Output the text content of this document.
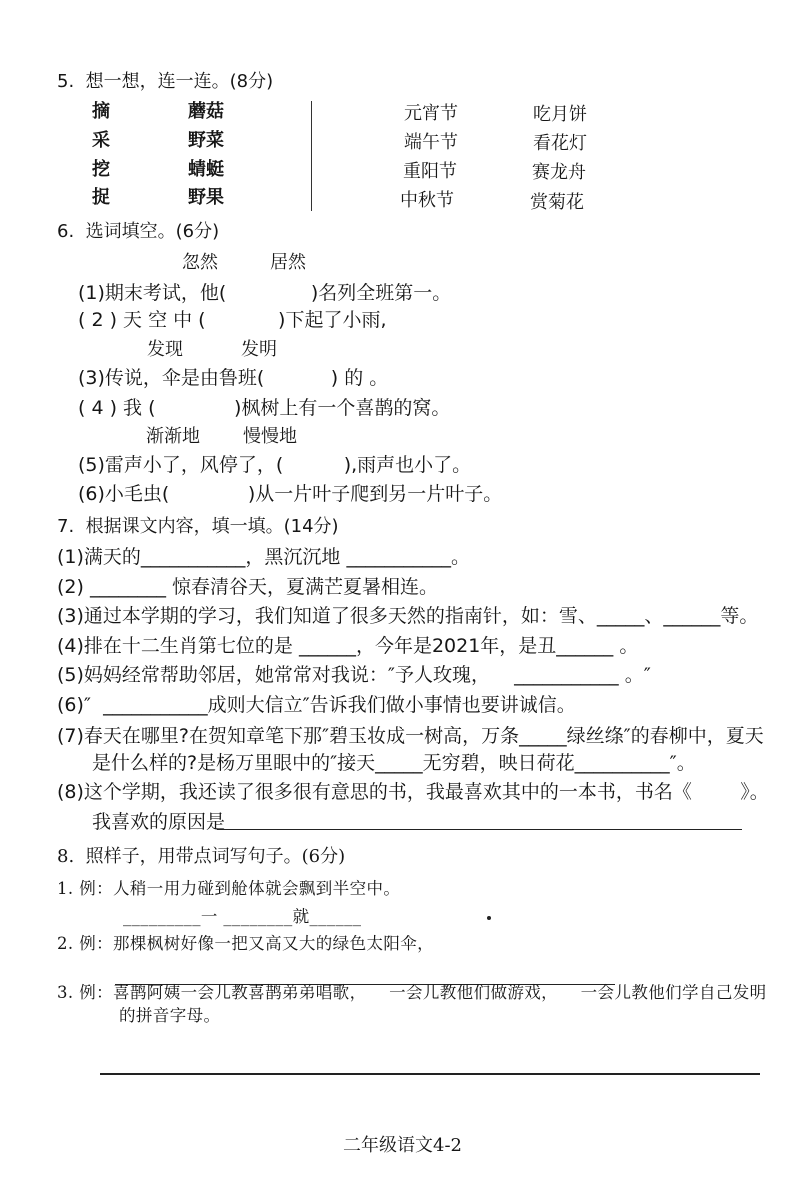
5.  想一想，连一连。(8分)
摘
采
挖
捉
蘑菇
野菜
蜻蜓
野果
元宵节
端午节
重阳节
中秋节
吃月饼
看花灯
赛龙舟
赏菊花
6.  选词填空。(6分)
忽然	居然
(1)期末考试，他(              )名列全班第一。
( 2 ) 天 空 中 (            )下起了小雨,
发现	发明
(3)传说，伞是由鲁班(           ) 的 。
( 4 ) 我 (             )枫树上有一个喜鹊的窝。
渐渐地 慢慢地
(5)雷声小了，风停了，(          ),雨声也小了。
(6)小毛虫(             )从一片叶子爬到另一片叶子。
7.  根据课文内容，填一填。(14分)
(1)满天的___________，黑沉沉地 ___________。
(2) ________ 惊春清谷天，夏满芒夏暑相连。
(3)通过本学期的学习，我们知道了很多天然的指南针，如：雪、_____、______等。
(4)排在十二生肖第七位的是 ______，今年是2021年，是丑______ 。
(5)妈妈经常帮助邻居，她常常对我说：″予人玫瑰，    ___________ 。″
(6)″  ___________成则大信立″告诉我们做小事情也要讲诚信。
(7)春天在哪里?在贺知章笔下那″碧玉妆成一树高，万条_____绿丝绦″的春柳中，夏天
是什么样的?是杨万里眼中的″接天_____无穷碧，映日荷花__________″。
(8)这个学期，我还读了很多很有意思的书，我最喜欢其中的一本书，书名《        》。
我喜欢的原因是
8.  照样子，用带点词写句子。(6分)
1. 例：人稍一用力碰到舱体就会飘到半空中。
_________一 ________就______
2. 例：那棵枫树好像一把又高又大的绿色太阳伞，
3. 例：喜鹊阿姨一会儿教喜鹊弟弟唱歌，    一会儿教他们做游戏，    一会儿教他们学自己发明
的拼音字母。
二年级语文4-2
